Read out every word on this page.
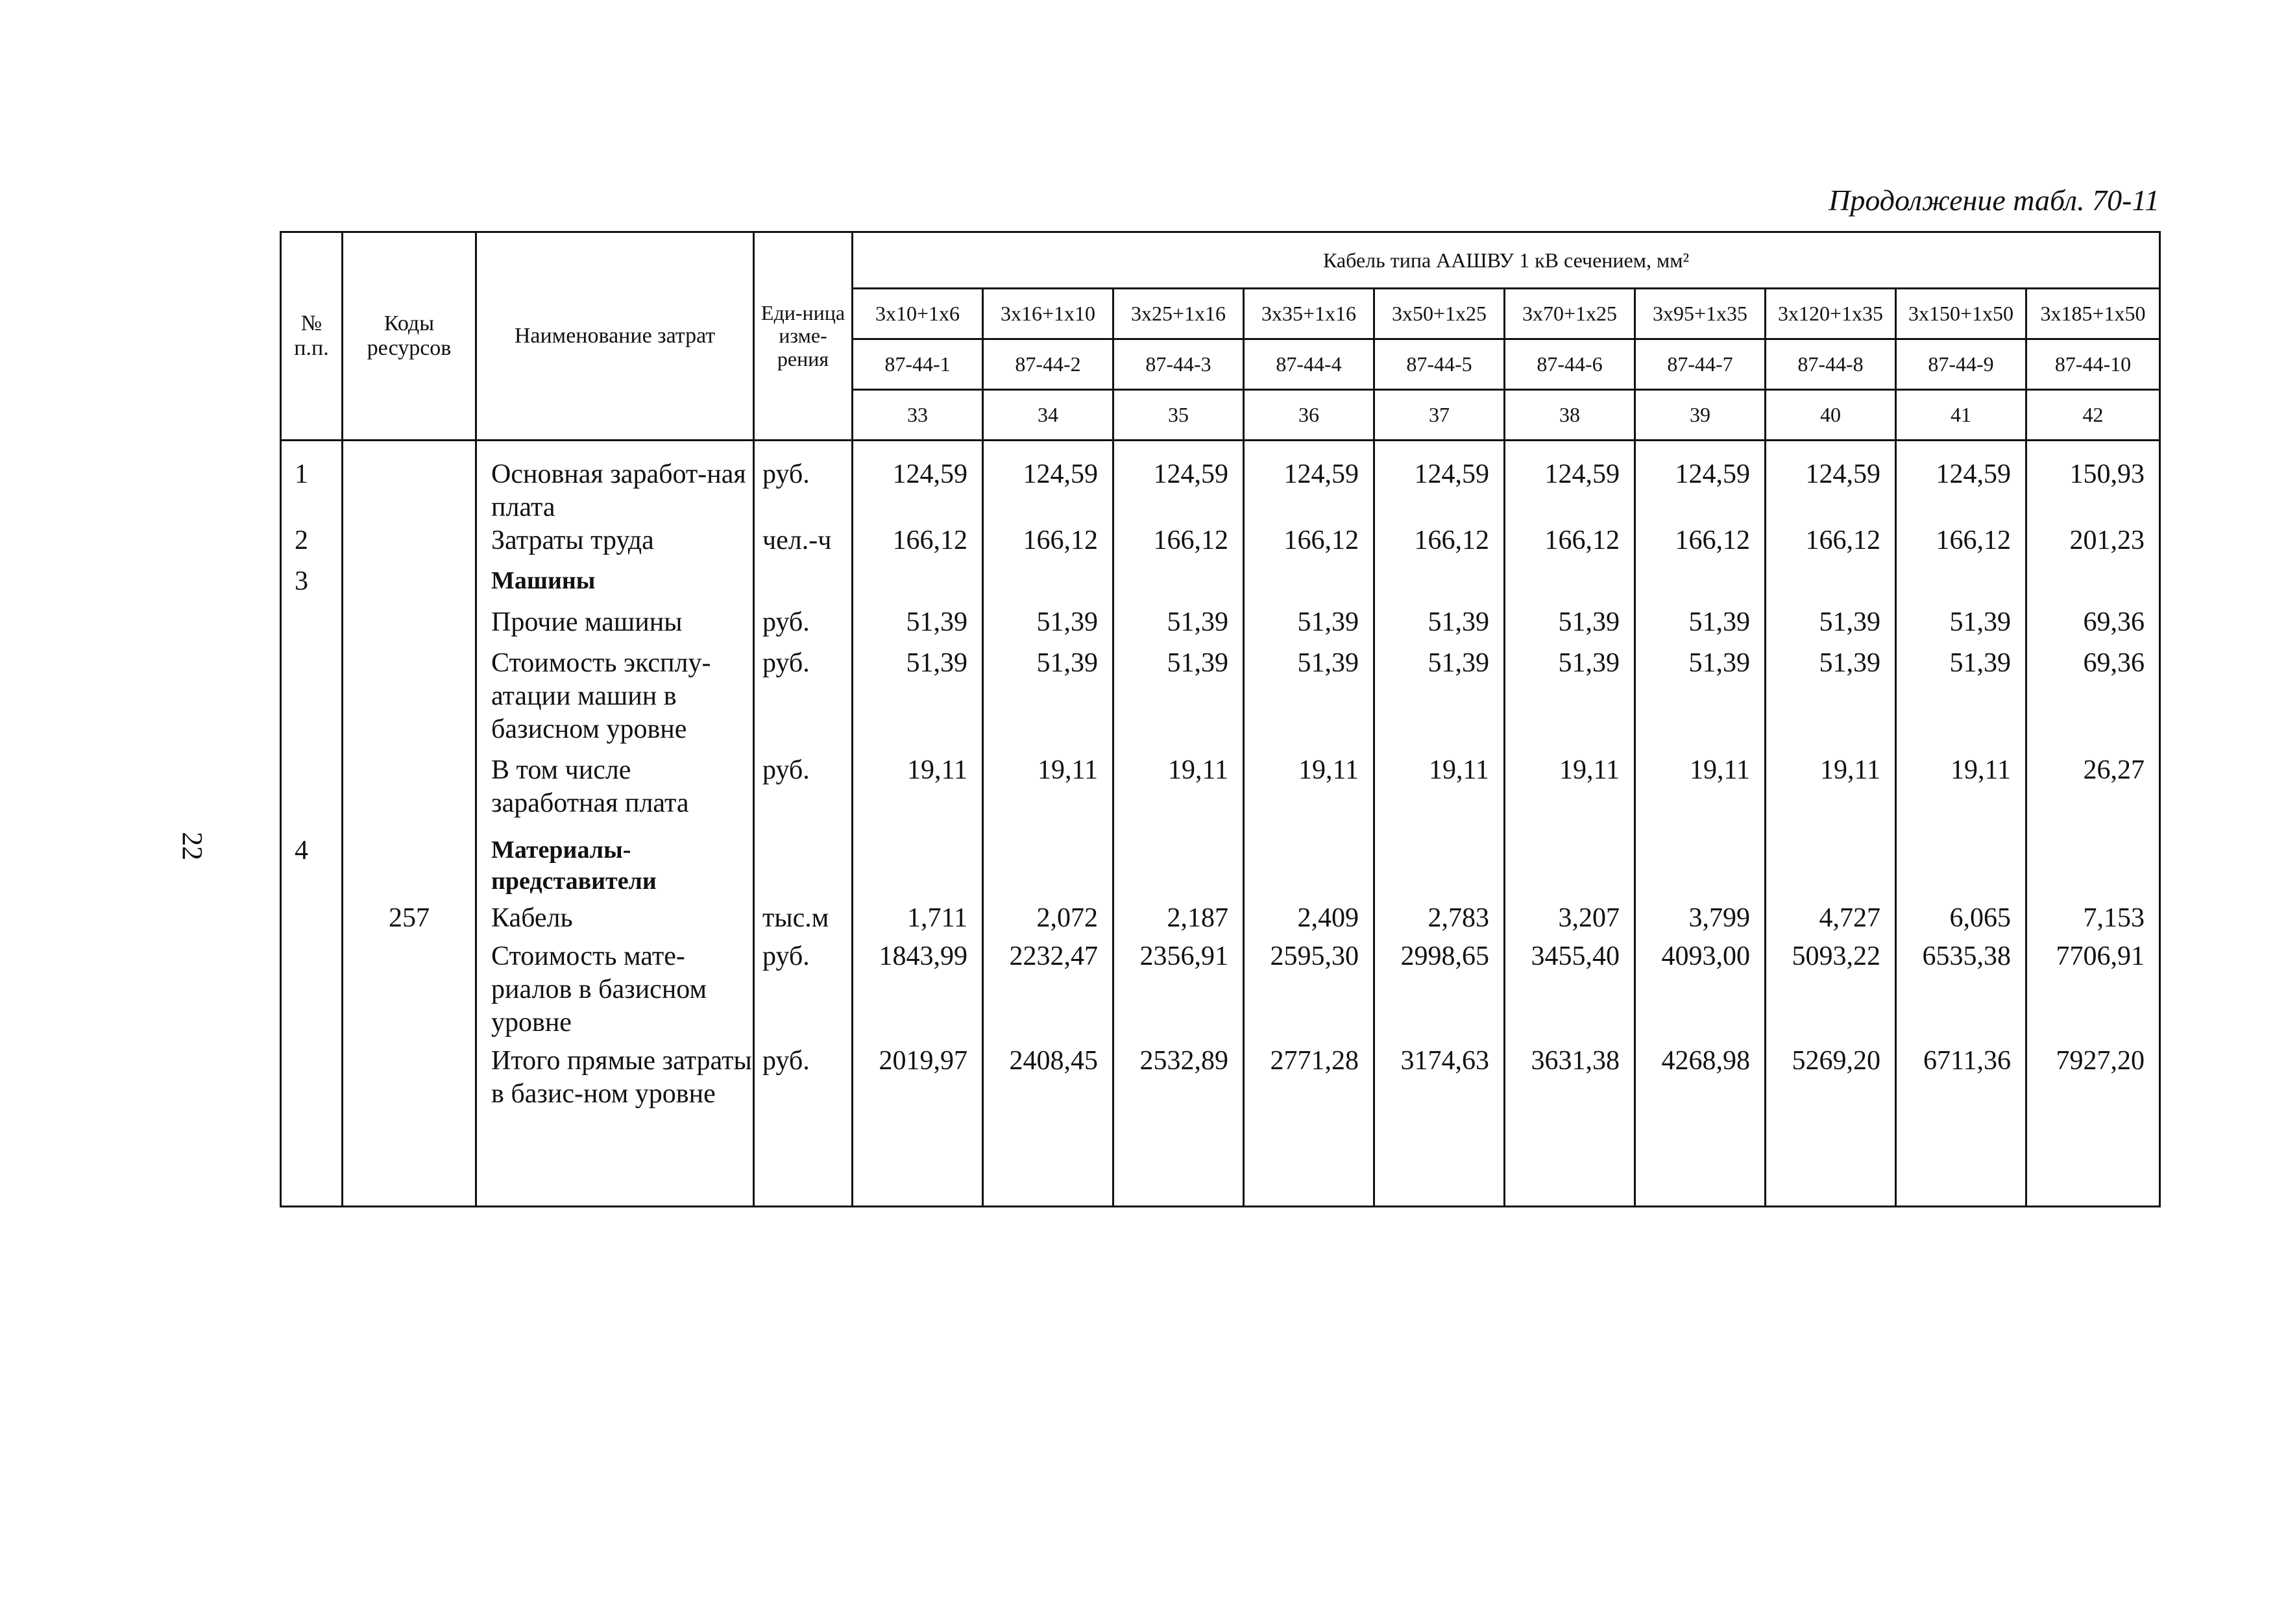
22
Продолжение табл. 70-11
№ п.п.	Коды ресурсов	Наименование затрат	Еди-ница изме-рения	Кабель типа ААШВУ 1 кВ сечением, мм²									
				3x10+1x6	3x16+1x10	3x25+1x16	3x35+1x16	3x50+1x25	3x70+1x25	3x95+1x35	3x120+1x35	3x150+1x50	3x185+1x50
				87-44-1	87-44-2	87-44-3	87-44-4	87-44-5	87-44-6	87-44-7	87-44-8	87-44-9	87-44-10
				33	34	35	36	37	38	39	40	41	42
1		Основная заработ-ная плата	руб.	124,59	124,59	124,59	124,59	124,59	124,59	124,59	124,59	124,59	150,93
2		Затраты труда	чел.-ч	166,12	166,12	166,12	166,12	166,12	166,12	166,12	166,12	166,12	201,23
3		Машины											
		Прочие машины	руб.	51,39	51,39	51,39	51,39	51,39	51,39	51,39	51,39	51,39	69,36
		Стоимость эксплу-атации машин в базисном уровне	руб.	51,39	51,39	51,39	51,39	51,39	51,39	51,39	51,39	51,39	69,36
		В том числе заработная плата	руб.	19,11	19,11	19,11	19,11	19,11	19,11	19,11	19,11	19,11	26,27
4		Материалы-представители											
	257	Кабель	тыс.м	1,711	2,072	2,187	2,409	2,783	3,207	3,799	4,727	6,065	7,153
		Стоимость мате-риалов в базисном уровне	руб.	1843,99	2232,47	2356,91	2595,30	2998,65	3455,40	4093,00	5093,22	6535,38	7706,91
		Итого прямые затраты в базис-ном уровне	руб.	2019,97	2408,45	2532,89	2771,28	3174,63	3631,38	4268,98	5269,20	6711,36	7927,20
